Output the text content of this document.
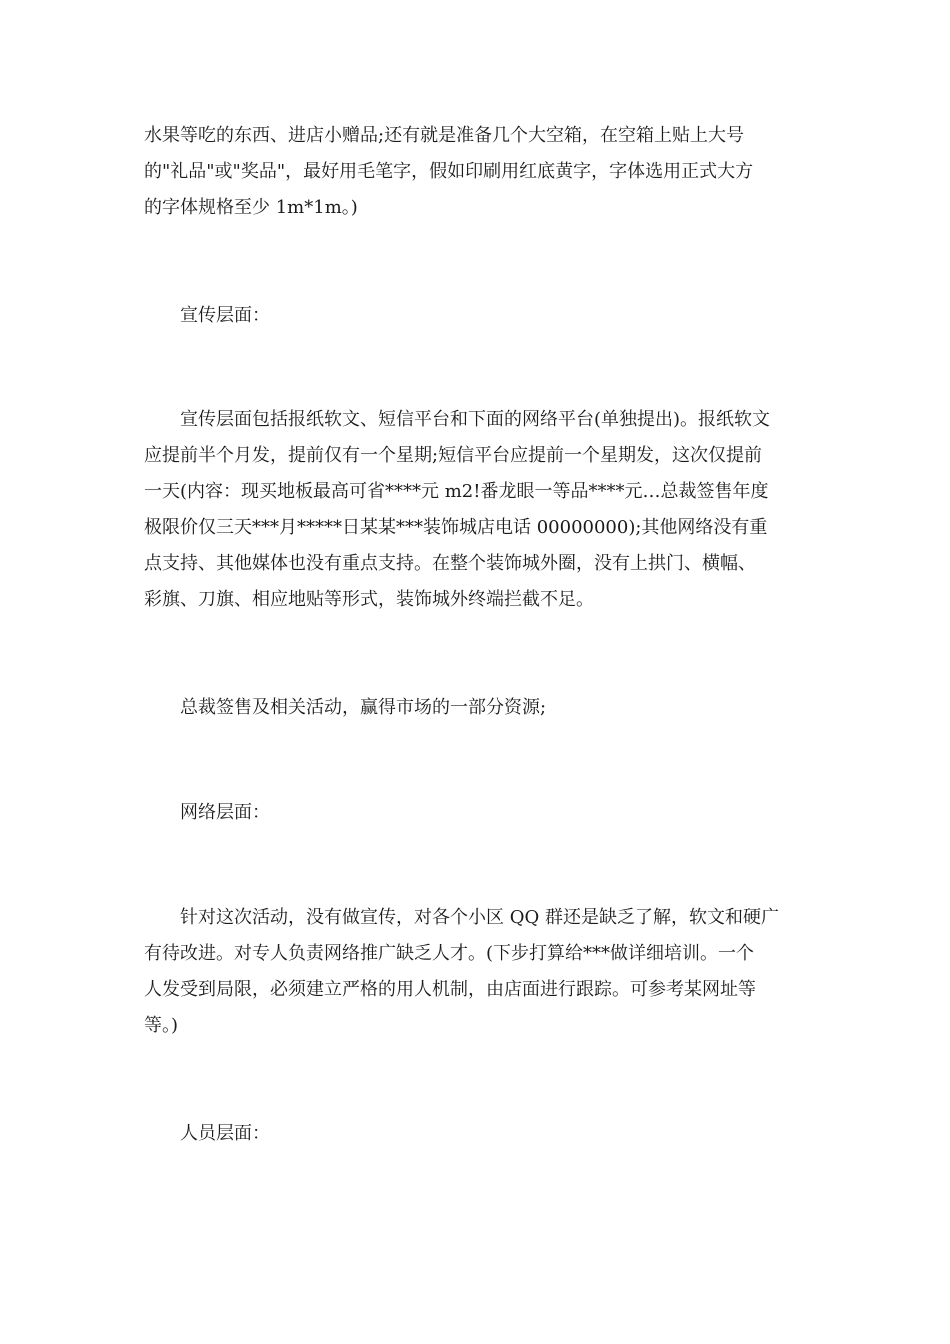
水果等吃的东西、进店小赠品;还有就是准备几个大空箱，在空箱上贴上大号
的"礼品"或"奖品"，最好用毛笔字，假如印刷用红底黄字，字体选用正式大方
的字体规格至少 1m*1m。)
　　宣传层面：
　　宣传层面包括报纸软文、短信平台和下面的网络平台(单独提出)。报纸软文
应提前半个月发，提前仅有一个星期;短信平台应提前一个星期发，这次仅提前
一天(内容：现买地板最高可省****元 m2!番龙眼一等品****元…总裁签售年度
极限价仅三天***月*****日某某***装饰城店电话 00000000);其他网络没有重
点支持、其他媒体也没有重点支持。在整个装饰城外圈，没有上拱门、横幅、
彩旗、刀旗、相应地贴等形式，装饰城外终端拦截不足。
　　总裁签售及相关活动，赢得市场的一部分资源;
　　网络层面：
　　针对这次活动，没有做宣传，对各个小区 QQ 群还是缺乏了解，软文和硬广
有待改进。对专人负责网络推广缺乏人才。(下步打算给***做详细培训。一个
人发受到局限，必须建立严格的用人机制，由店面进行跟踪。可参考某网址等
等。)
　　人员层面：
